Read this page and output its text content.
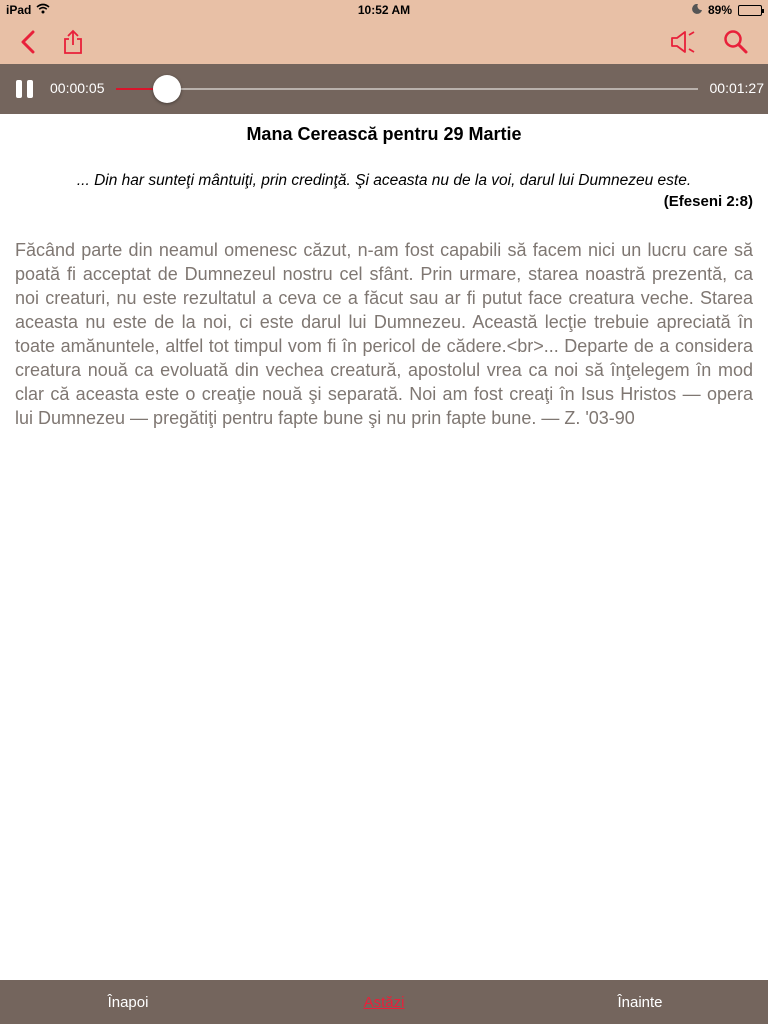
iPad	10:52 AM	89%
00:00:05	00:01:27
Mana Cerească pentru 29 Martie
... Din har sunteţi mântuiţi, prin credinţă. Şi aceasta nu de la voi, darul lui Dumnezeu este.
(Efeseni 2:8)
Făcând parte din neamul omenesc căzut, n-am fost capabili să facem nici un lucru care să poată fi acceptat de Dumnezeul nostru cel sfânt. Prin urmare, starea noastră prezentă, ca noi creaturi, nu este rezultatul a ceva ce a făcut sau ar fi putut face creatura veche. Starea aceasta nu este de la noi, ci este darul lui Dumnezeu. Această lecţie trebuie apreciată în toate amănuntele, altfel tot timpul vom fi în pericol de cădere.<br>... Departe de a considera creatura nouă ca evoluată din vechea creatură, apostolul vrea ca noi să înţelegem în mod clar că aceasta este o creaţie nouă şi separată. Noi am fost creaţi în Isus Hristos — opera lui Dumnezeu — pregătiţi pentru fapte bune şi nu prin fapte bune. — Z. '03-90
Înapoi	Astăzi	Înainte
